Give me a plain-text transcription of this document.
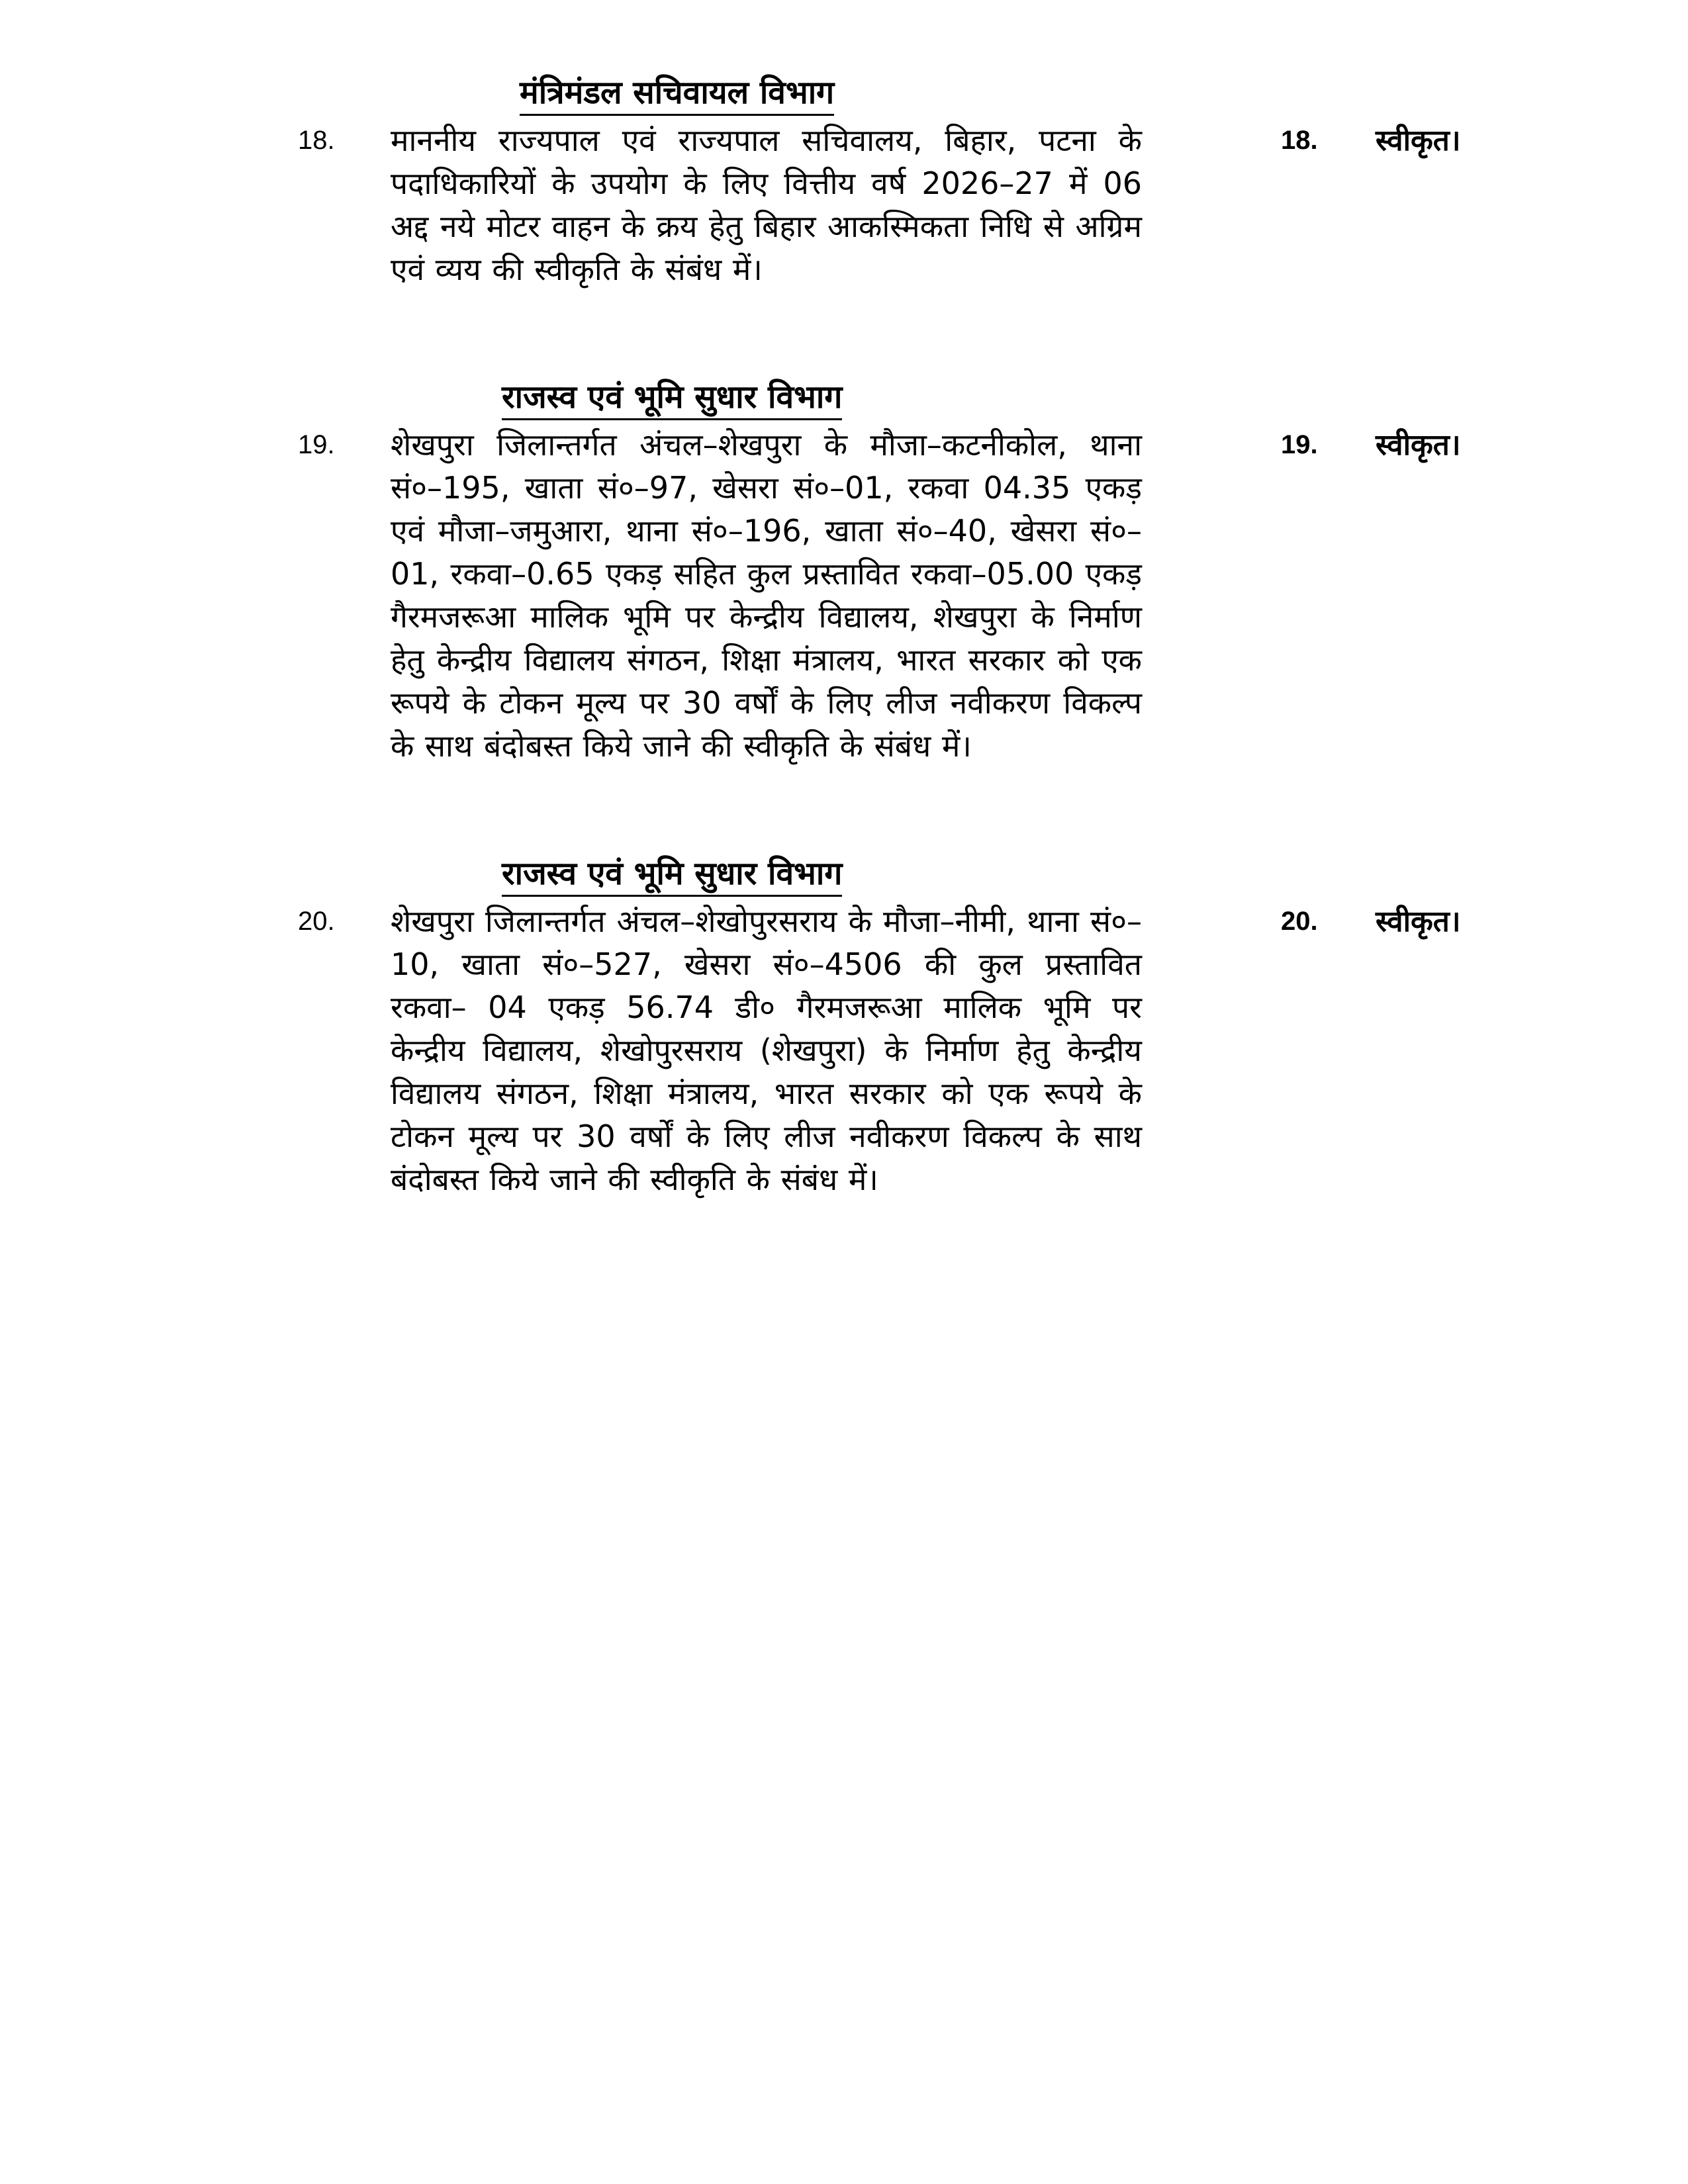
मंत्रिमंडल सचिवायल विभाग
18. माननीय राज्यपाल एवं राज्यपाल सचिवालय, बिहार, पटना के पदाधिकारियों के उपयोग के लिए वित्तीय वर्ष 2026–27 में 06 अद्द नये मोटर वाहन के क्रय हेतु बिहार आकस्मिकता निधि से अग्रिम एवं व्यय की स्वीकृति के संबंध में।
18. स्वीकृत।
राजस्व एवं भूमि सुधार विभाग
19. शेखपुरा जिलान्तर्गत अंचल–शेखपुरा के मौजा–कटनीकोल, थाना सं०–195, खाता सं०–97, खेसरा सं०–01, रकवा 04.35 एकड़ एवं मौजा–जमुआरा, थाना सं०–196, खाता सं०–40, खेसरा सं०–01, रकवा–0.65 एकड़ सहित कुल प्रस्तावित रकवा–05.00 एकड़ गैरमजरूआ मालिक भूमि पर केन्द्रीय विद्यालय, शेखपुरा के निर्माण हेतु केन्द्रीय विद्यालय संगठन, शिक्षा मंत्रालय, भारत सरकार को एक रूपये के टोकन मूल्य पर 30 वर्षों के लिए लीज नवीकरण विकल्प के साथ बंदोबस्त किये जाने की स्वीकृति के संबंध में।
19. स्वीकृत।
राजस्व एवं भूमि सुधार विभाग
20. शेखपुरा जिलान्तर्गत अंचल–शेखोपुरसराय के मौजा–नीमी, थाना सं०–10, खाता सं०–527, खेसरा सं०–4506 की कुल प्रस्तावित रकवा– 04 एकड़ 56.74 डी० गैरमजरूआ मालिक भूमि पर केन्द्रीय विद्यालय, शेखोपुरसराय (शेखपुरा) के निर्माण हेतु केन्द्रीय विद्यालय संगठन, शिक्षा मंत्रालय, भारत सरकार को एक रूपये के टोकन मूल्य पर 30 वर्षों के लिए लीज नवीकरण विकल्प के साथ बंदोबस्त किये जाने की स्वीकृति के संबंध में।
20. स्वीकृत।
